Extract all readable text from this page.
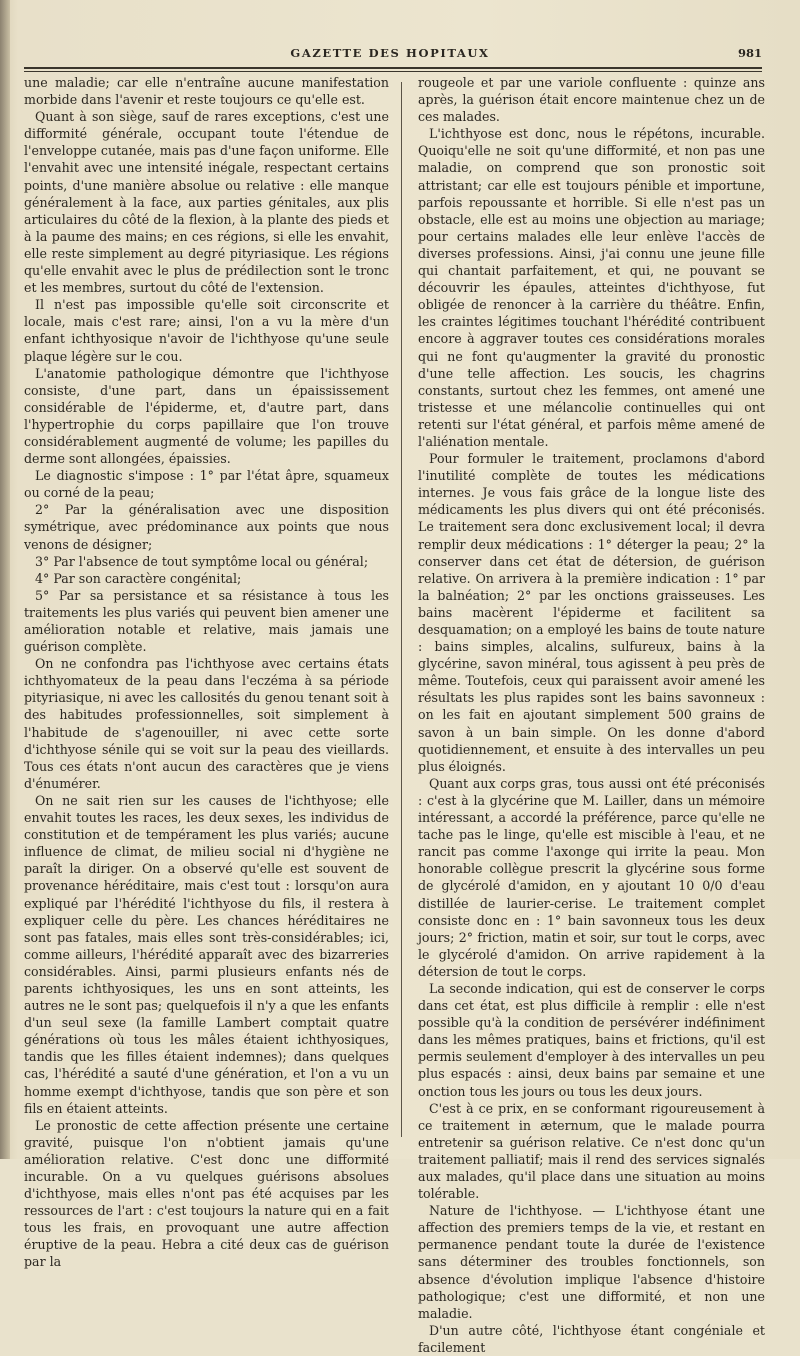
GAZETTE DES HOPITAUX	981

une maladie; car elle n'entraîne aucune manifestation morbide dans l'avenir et reste toujours ce qu'elle est.

Quant à son siège, sauf de rares exceptions, c'est une difformité générale, occupant toute l'étendue de l'enveloppe cutanée, mais pas d'une façon uniforme. Elle l'envahit avec une intensité inégale, respectant certains points, d'une manière absolue ou relative : elle manque généralement à la face, aux parties génitales, aux plis articulaires du côté de la flexion, à la plante des pieds et à la paume des mains; en ces régions, si elle les envahit, elle reste simplement au degré pityriasique. Les régions qu'elle envahit avec le plus de prédilection sont le tronc et les membres, surtout du côté de l'extension.

Il n'est pas impossible qu'elle soit circonscrite et locale, mais c'est rare; ainsi, l'on a vu la mère d'un enfant ichthyosique n'avoir de l'ichthyose qu'une seule plaque légère sur le cou.

L'anatomie pathologique démontre que l'ichthyose consiste, d'une part, dans un épaississement considérable de l'épiderme, et, d'autre part, dans l'hypertrophie du corps papillaire que l'on trouve considérablement augmenté de volume; les papilles du derme sont allongées, épaissies.

Le diagnostic s'impose : 1° par l'état âpre, squameux ou corné de la peau;

2° Par la généralisation avec une disposition symétrique, avec prédominance aux points que nous venons de désigner;

3° Par l'absence de tout symptôme local ou général;

4° Par son caractère congénital;

5° Par sa persistance et sa résistance à tous les traitements les plus variés qui peuvent bien amener une amélioration notable et relative, mais jamais une guérison complète.

On ne confondra pas l'ichthyose avec certains états ichthyomateux de la peau dans l'eczéma à sa période pityriasique, ni avec les callosités du genou tenant soit à des habitudes professionnelles, soit simplement à l'habitude de s'agenouiller, ni avec cette sorte d'ichthyose sénile qui se voit sur la peau des vieillards. Tous ces états n'ont aucun des caractères que je viens d'énumérer.

On ne sait rien sur les causes de l'ichthyose; elle envahit toutes les races, les deux sexes, les individus de constitution et de tempérament les plus variés; aucune influence de climat, de milieu social ni d'hygiène ne paraît la diriger. On a observé qu'elle est souvent de provenance héréditaire, mais c'est tout : lorsqu'on aura expliqué par l'hérédité l'ichthyose du fils, il restera à expliquer celle du père. Les chances héréditaires ne sont pas fatales, mais elles sont très-considérables; ici, comme ailleurs, l'hérédité apparaît avec des bizarreries considérables. Ainsi, parmi plusieurs enfants nés de parents ichthyosiques, les uns en sont atteints, les autres ne le sont pas; quelquefois il n'y a que les enfants d'un seul sexe (la famille Lambert comptait quatre générations où tous les mâles étaient ichthyosiques, tandis que les filles étaient indemnes); dans quelques cas, l'hérédité a sauté d'une génération, et l'on a vu un homme exempt d'ichthyose, tandis que son père et son fils en étaient atteints.

Le pronostic de cette affection présente une certaine gravité, puisque l'on n'obtient jamais qu'une amélioration relative. C'est donc une difformité incurable. On a vu quelques guérisons absolues d'ichthyose, mais elles n'ont pas été acquises par les ressources de l'art : c'est toujours la nature qui en a fait tous les frais, en provoquant une autre affection éruptive de la peau. Hebra a cité deux cas de guérison par la

rougeole et par une variole confluente : quinze ans après, la guérison était encore maintenue chez un de ces malades.

L'ichthyose est donc, nous le répétons, incurable. Quoiqu'elle ne soit qu'une difformité, et non pas une maladie, on comprend que son pronostic soit attristant; car elle est toujours pénible et importune, parfois repoussante et horrible. Si elle n'est pas un obstacle, elle est au moins une objection au mariage; pour certains malades elle leur enlève l'accès de diverses professions. Ainsi, j'ai connu une jeune fille qui chantait parfaitement, et qui, ne pouvant se découvrir les épaules, atteintes d'ichthyose, fut obligée de renoncer à la carrière du théâtre. Enfin, les craintes légitimes touchant l'hérédité contribuent encore à aggraver toutes ces considérations morales qui ne font qu'augmenter la gravité du pronostic d'une telle affection. Les soucis, les chagrins constants, surtout chez les femmes, ont amené une tristesse et une mélancolie continuelles qui ont retenti sur l'état général, et parfois même amené de l'aliénation mentale.

Pour formuler le traitement, proclamons d'abord l'inutilité complète de toutes les médications internes. Je vous fais grâce de la longue liste des médicaments les plus divers qui ont été préconisés. Le traitement sera donc exclusivement local; il devra remplir deux médications : 1° déterger la peau; 2° la conserver dans cet état de détersion, de guérison relative. On arrivera à la première indication : 1° par la balnéation; 2° par les onctions graisseuses. Les bains macèrent l'épiderme et facilitent sa desquamation; on a employé les bains de toute nature : bains simples, alcalins, sulfureux, bains à la glycérine, savon minéral, tous agissent à peu près de même. Toutefois, ceux qui paraissent avoir amené les résultats les plus rapides sont les bains savonneux : on les fait en ajoutant simplement 500 grains de savon à un bain simple. On les donne d'abord quotidiennement, et ensuite à des intervalles un peu plus éloignés.

Quant aux corps gras, tous aussi ont été préconisés : c'est à la glycérine que M. Lailler, dans un mémoire intéressant, a accordé la préférence, parce qu'elle ne tache pas le linge, qu'elle est miscible à l'eau, et ne rancit pas comme l'axonge qui irrite la peau. Mon honorable collègue prescrit la glycérine sous forme de glycérolé d'amidon, en y ajoutant 10 0/0 d'eau distillée de laurier-cerise. Le traitement complet consiste donc en : 1° bain savonneux tous les deux jours; 2° friction, matin et soir, sur tout le corps, avec le glycérolé d'amidon. On arrive rapidement à la détersion de tout le corps.

La seconde indication, qui est de conserver le corps dans cet état, est plus difficile à remplir : elle n'est possible qu'à la condition de persévérer indéfiniment dans les mêmes pratiques, bains et frictions, qu'il est permis seulement d'employer à des intervalles un peu plus espacés : ainsi, deux bains par semaine et une onction tous les jours ou tous les deux jours.

C'est à ce prix, en se conformant rigoureusement à ce traitement in æternum, que le malade pourra entretenir sa guérison relative. Ce n'est donc qu'un traitement palliatif; mais il rend des services signalés aux malades, qu'il place dans une situation au moins tolérable.

Nature de l'ichthyose. — L'ichthyose étant une affection des premiers temps de la vie, et restant en permanence pendant toute la durée de l'existence sans déterminer des troubles fonctionnels, son absence d'évolution implique l'absence d'histoire pathologique; c'est une difformité, et non une maladie.

D'un autre côté, l'ichthyose étant congéniale et facilement
